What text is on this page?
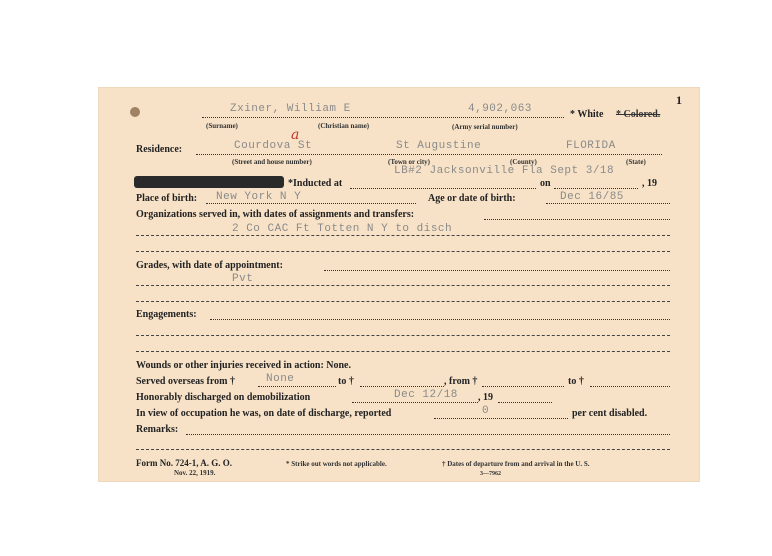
1
Zxiner, William E	4,902,063	* White * Colored.
(Surname)	(Christian name)	(Army serial number)
Residence:
a
Courdova St	St Augustine	FLORIDA
(Street and house number)	(Town or city)	(County)	(State)
LB#2 Jacksonville Fla Sept 3/18
*Inducted at	on	, 19
Place of birth: New York N Y	Age or date of birth:	Dec 16/85
Organizations served in, with dates of assignments and transfers:
2 Co CAC Ft Totten N Y to disch
Grades, with date of appointment:
Pvt
Engagements:
Wounds or other injuries received in action: None.
Served overseas from †	None	to †	, from †	to †
Honorably discharged on demobilization	Dec 12/18 , 19
In view of occupation he was, on date of discharge, reported	0	per cent disabled.
Remarks:
Form No. 724-1, A. G. O.
Nov. 22, 1919.
* Strike out words not applicable.	† Dates of departure from and arrival in the U. S.
3—7962
